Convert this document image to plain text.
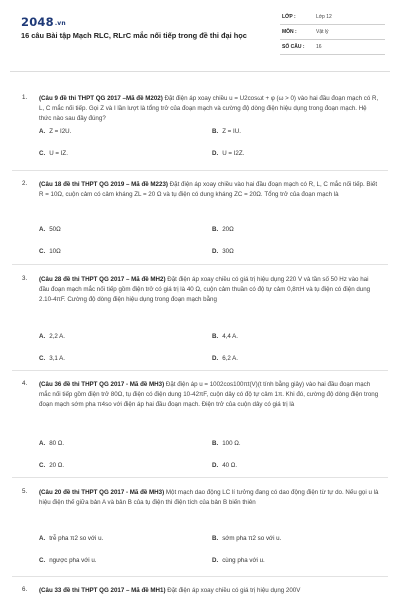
2048.vn
16 câu Bài tập Mạch RLC, RLrC mắc nối tiếp trong đề thi đại học
LỚP :	Lớp 12
MÔN :	Vật lý
SỐ CÂU :	16
1. (Câu 9 đề thi THPT QG 2017 –Mã đề M202) Đặt điện áp xoay chiều u = U2cosωt + φ (ω > 0) vào hai đầu đoạn mạch có R, L, C mắc nối tiếp. Gọi Z và I lần lượt là tổng trở của đoạn mạch và cường độ dòng điện hiệu dụng trong đoạn mạch. Hệ thức nào sau đây đúng?
A. Z = I2U.	B. Z = IU.
C. U = IZ.	D. U = I2Z.
2. (Câu 18 đề thi THPT QG 2019 – Mã đề M223) Đặt điện áp xoay chiều vào hai đầu đoạn mạch có R, L, C mắc nối tiếp. Biết R = 10Ω, cuộn cảm có cảm kháng ZL = 20 Ω và tụ điện có dung kháng ZC = 20Ω. Tổng trở của đoạn mạch là
A. 50Ω	B. 20Ω
C. 10Ω	D. 30Ω
3. (Câu 28 đề thi THPT QG 2017 – Mã đề MH2) Đặt điện áp xoay chiều có giá trị hiệu dụng 220 V và tần số 50 Hz vào hai đầu đoạn mạch mắc nối tiếp gồm điện trở có giá trị là 40 Ω, cuộn cảm thuần có độ tự cảm 0,8πH và tụ điện có điện dung 2.10-4πF. Cường độ dòng điện hiệu dụng trong đoạn mạch bằng
A. 2,2 A.	B. 4,4 A.
C. 3,1 A.	D. 6,2 A.
4. (Câu 36 đề thi THPT QG 2017 - Mã đề MH3) Đặt điện áp u = 1002cos100πt(V)(t tính bằng giây) vào hai đầu đoạn mạch mắc nối tiếp gồm điện trở 80Ω, tụ điện có điện dung 10-42πF, cuộn dây có độ tự cảm 1π. Khi đó, cường độ dòng điện trong đoạn mạch sớm pha π4so với điện áp hai đầu đoạn mạch. Điện trở của cuộn dây có giá trị là
A. 80 Ω.	B. 100 Ω.
C. 20 Ω.	D. 40 Ω.
5. (Câu 20 đề thi THPT QG 2017 - Mã đề MH3) Một mạch dao động LC lí tưởng đang có dao động điện từ tự do. Nếu gọi u là hiệu điện thế giữa bản A và bản B của tụ điện thì điện tích của bản B biến thiên
A. trễ pha π2 so với u.	B. sớm pha π2 so với u.
C. ngược pha với u.	D. cùng pha với u.
6. (Câu 33 đề thi THPT QG 2017 – Mã đề MH1) Đặt điện áp xoay chiều có giá trị hiệu dụng 200V
